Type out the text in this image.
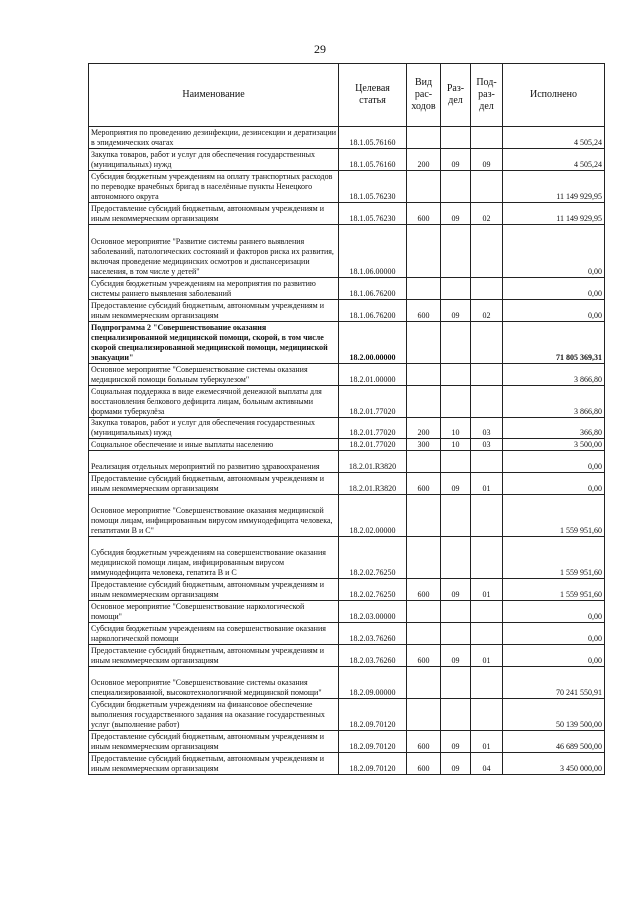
29
Наименование	Целевая статья	Вид рас-ходов	Раз-дел	Под-раз-дел	Исполнено
Мероприятия по проведению дезинфекции, дезинсекции и дератизации в эпидемических очагах	18.1.05.76160				4 505,24
Закупка товаров, работ и услуг для обеспечения государственных (муниципальных) нужд	18.1.05.76160	200	09	09	4 505,24
Субсидия бюджетным учреждениям на оплату транспортных расходов по переводке врачебных бригад в населённые пункты Ненецкого автономного округа	18.1.05.76230				11 149 929,95
Предоставление субсидий бюджетным, автономным учреждениям и иным некоммерческим организациям	18.1.05.76230	600	09	02	11 149 929,95
Основное мероприятие "Развитие системы раннего выявления заболеваний, патологических состояний и факторов риска их развития, включая проведение медицинских осмотров и диспансеризации населения, в том числе у детей"	18.1.06.00000				0,00
Субсидия бюджетным учреждениям на мероприятия по развитию системы раннего выявления заболеваний	18.1.06.76200				0,00
Предоставление субсидий бюджетным, автономным учреждениям и иным некоммерческим организациям	18.1.06.76200	600	09	02	0,00
Подпрограмма 2 "Совершенствование оказания специализированной медицинской помощи, скорой, в том числе скорой специализированной медицинской помощи, медицинской эвакуации"	18.2.00.00000				71 805 369,31
Основное мероприятие "Совершенствование системы оказания медицинской помощи больным туберкулезом"	18.2.01.00000				3 866,80
Социальная поддержка в виде ежемесячной денежной выплаты для восстановления белкового дефицита лицам, больным активными формами туберкулёза	18.2.01.77020				3 866,80
Закупка товаров, работ и услуг для обеспечения государственных (муниципальных) нужд	18.2.01.77020	200	10	03	366,80
Социальное обеспечение и иные выплаты населению	18.2.01.77020	300	10	03	3 500,00
Реализация отдельных мероприятий по развитию здравоохранения	18.2.01.R3820				0,00
Предоставление субсидий бюджетным, автономным учреждениям и иным некоммерческим организациям	18.2.01.R3820	600	09	01	0,00
Основное мероприятие "Совершенствование оказания медицинской помощи лицам, инфицированным вирусом иммунодефицита человека, гепатитами В и С"	18.2.02.00000				1 559 951,60
Субсидия бюджетным учреждениям на совершенствование оказания медицинской помощи лицам, инфицированным вирусом иммунодефицита человека, гепатита В и С	18.2.02.76250				1 559 951,60
Предоставление субсидий бюджетным, автономным учреждениям и иным некоммерческим организациям	18.2.02.76250	600	09	01	1 559 951,60
Основное мероприятие "Совершенствование наркологической помощи"	18.2.03.00000				0,00
Субсидия бюджетным учреждениям на совершенствование оказания наркологической помощи	18.2.03.76260				0,00
Предоставление субсидий бюджетным, автономным учреждениям и иным некоммерческим организациям	18.2.03.76260	600	09	01	0,00
Основное мероприятие "Совершенствование системы оказания специализированной, высокотехнологичной медицинской помощи"	18.2.09.00000				70 241 550,91
Субсидии бюджетным учреждениям на финансовое обеспечение выполнения государственного задания на оказание государственных услуг (выполнение работ)	18.2.09.70120				50 139 500,00
Предоставление субсидий бюджетным, автономным учреждениям и иным некоммерческим организациям	18.2.09.70120	600	09	01	46 689 500,00
Предоставление субсидий бюджетным, автономным учреждениям и иным некоммерческим организациям	18.2.09.70120	600	09	04	3 450 000,00
